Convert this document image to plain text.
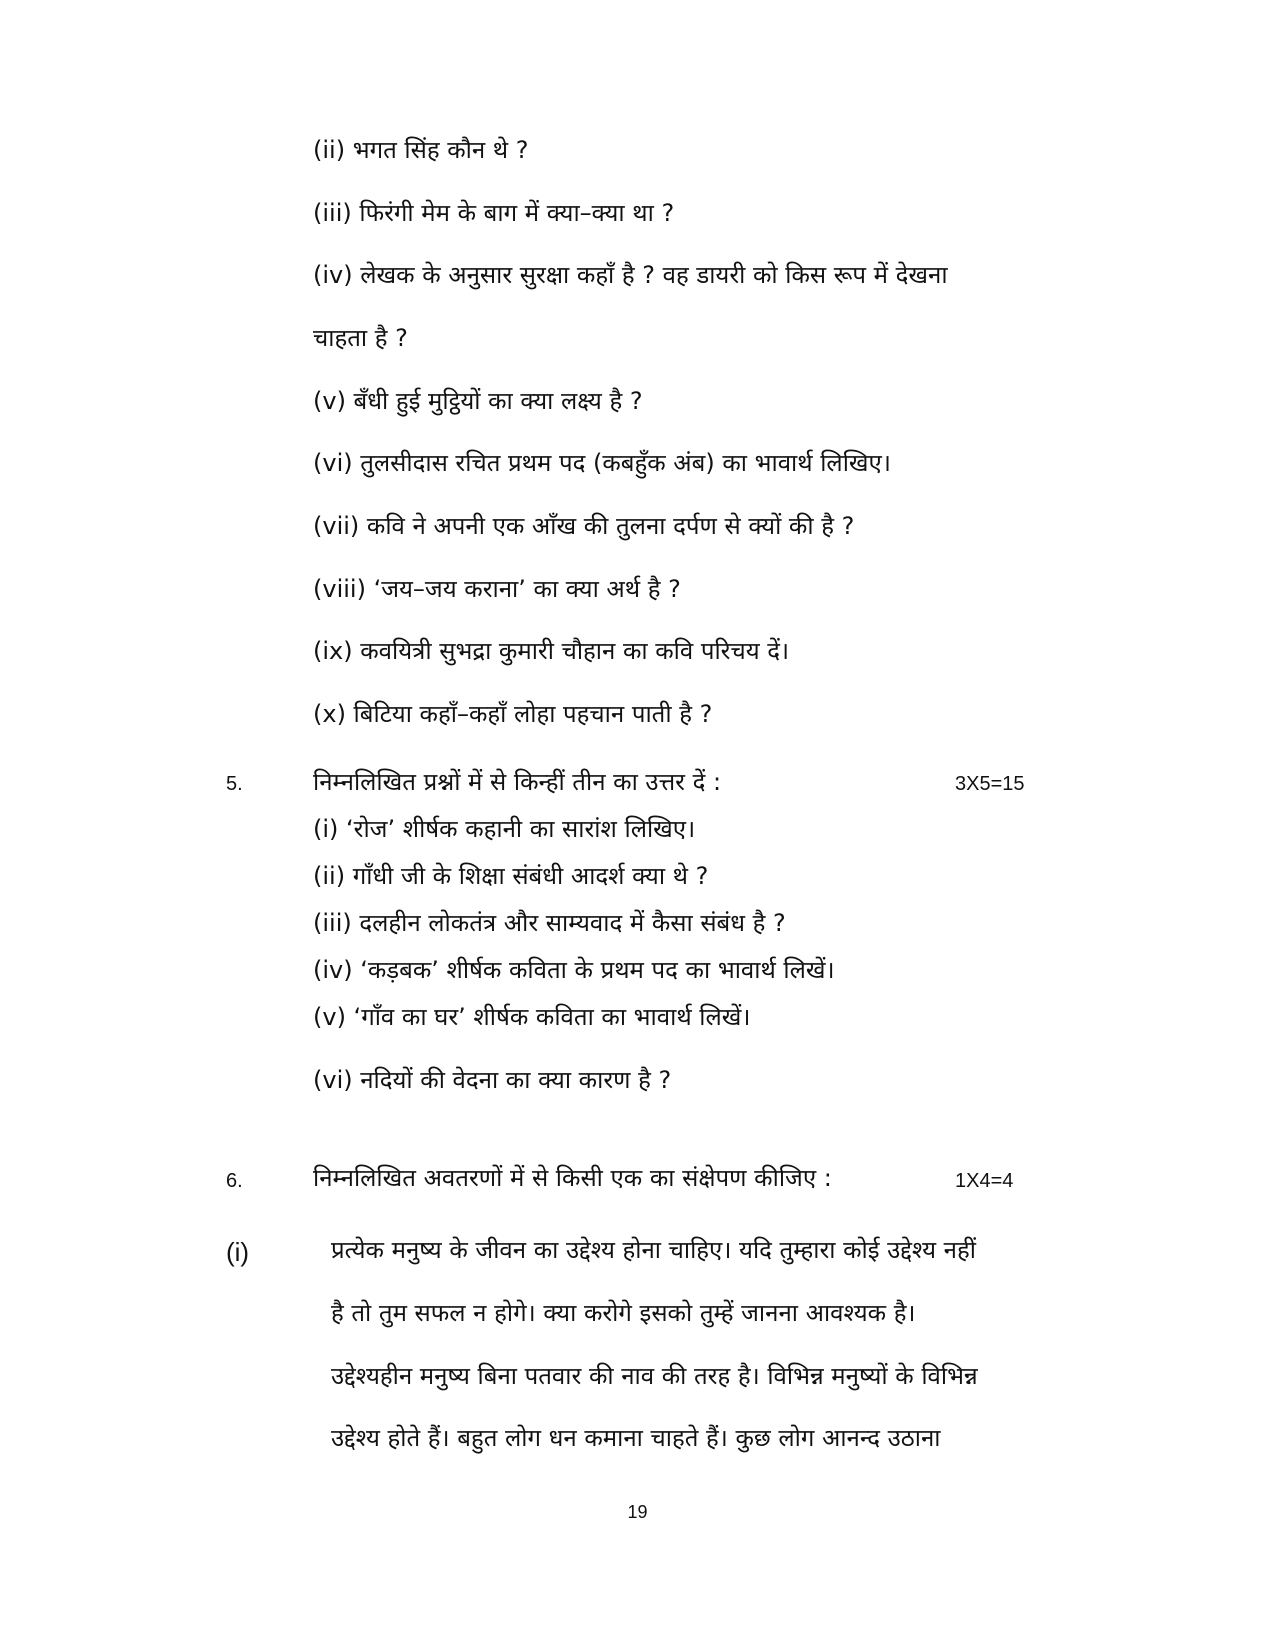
(ii) भगत सिंह कौन थे ?
(iii) फिरंगी मेम के बाग में क्या–क्या था ?
(iv) लेखक के अनुसार सुरक्षा कहाँ है ? वह डायरी को किस रूप में देखना
चाहता है ?
(v) बँधी हुई मुट्ठियों का क्या लक्ष्य है ?
(vi) तुलसीदास रचित प्रथम पद (कबहुँक अंब) का भावार्थ लिखिए।
(vii) कवि ने अपनी एक आँख की तुलना दर्पण से क्यों की है ?
(viii) ‘जय–जय कराना’ का क्या अर्थ है ?
(ix) कवयित्री सुभद्रा कुमारी चौहान का कवि परिचय दें।
(x) बिटिया कहाँ–कहाँ लोहा पहचान पाती है ?
5.	निम्नलिखित प्रश्नों में से किन्हीं तीन का उत्तर दें :	3X5=15
(i) ‘रोज’ शीर्षक कहानी का सारांश लिखिए।
(ii) गाँधी जी के शिक्षा संबंधी आदर्श क्या थे ?
(iii) दलहीन लोकतंत्र और साम्यवाद में कैसा संबंध है ?
(iv) ‘कड़बक’ शीर्षक कविता के प्रथम पद का भावार्थ लिखें।
(v) ‘गाँव का घर’ शीर्षक कविता का भावार्थ लिखें।
(vi) नदियों की वेदना का क्या कारण है ?
6.	निम्नलिखित अवतरणों में से किसी एक का संक्षेपण कीजिए :	1X4=4
(i)	प्रत्येक मनुष्य के जीवन का उद्देश्य होना चाहिए। यदि तुम्हारा कोई उद्देश्य नहीं
है तो तुम सफल न होगे। क्या करोगे इसको तुम्हें जानना आवश्यक है।
उद्देश्यहीन मनुष्य बिना पतवार की नाव की तरह है। विभिन्न मनुष्यों के विभिन्न
उद्देश्य होते हैं। बहुत लोग धन कमाना चाहते हैं। कुछ लोग आनन्द उठाना
19
